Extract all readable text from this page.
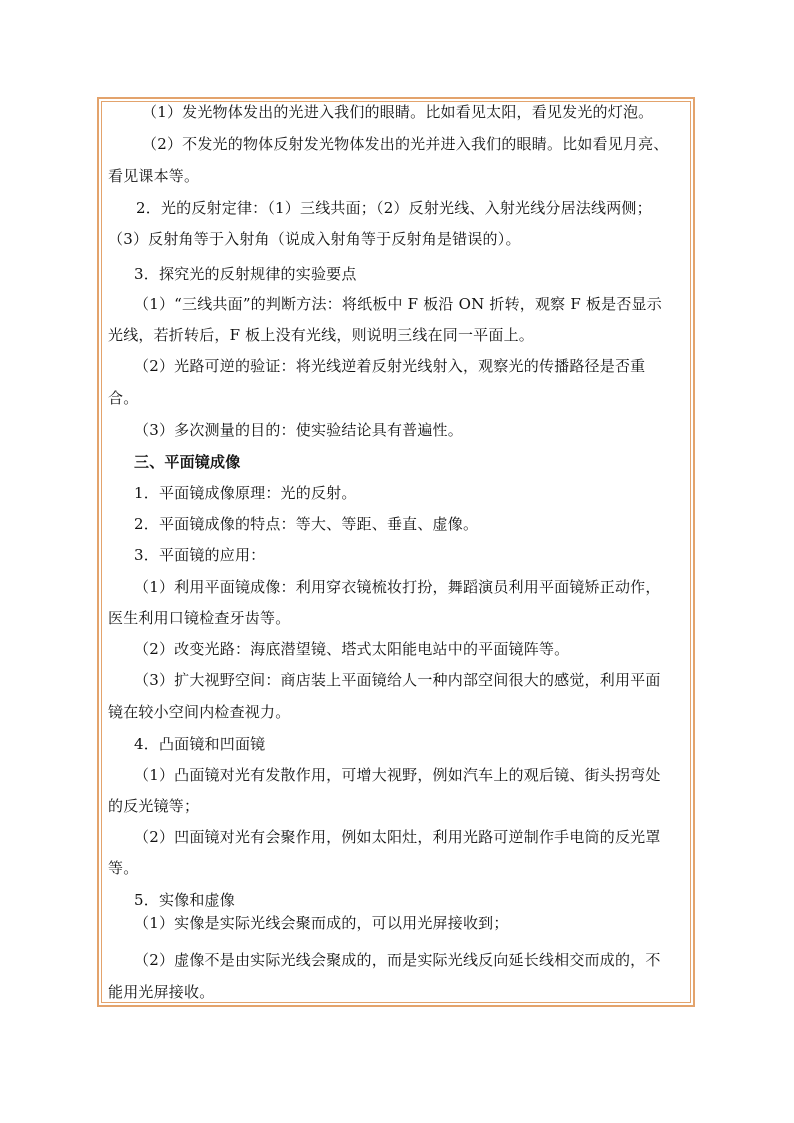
（1）发光物体发出的光进入我们的眼睛。比如看见太阳，看见发光的灯泡。
（2）不发光的物体反射发光物体发出的光并进入我们的眼睛。比如看见月亮、
看见课本等。
2．光的反射定律：（1）三线共面；（2）反射光线、入射光线分居法线两侧；
（3）反射角等于入射角（说成入射角等于反射角是错误的）。
3．探究光的反射规律的实验要点
（1）“三线共面”的判断方法：将纸板中 F 板沿 ON 折转，观察 F 板是否显示
光线，若折转后，F 板上没有光线，则说明三线在同一平面上。
（2）光路可逆的验证：将光线逆着反射光线射入，观察光的传播路径是否重
合。
（3）多次测量的目的：使实验结论具有普遍性。
三、平面镜成像
1．平面镜成像原理：光的反射。
2．平面镜成像的特点：等大、等距、垂直、虚像。
3．平面镜的应用：
（1）利用平面镜成像：利用穿衣镜梳妆打扮，舞蹈演员利用平面镜矫正动作，
医生利用口镜检查牙齿等。
（2）改变光路：海底潜望镜、塔式太阳能电站中的平面镜阵等。
（3）扩大视野空间：商店装上平面镜给人一种内部空间很大的感觉，利用平面
镜在较小空间内检查视力。
4．凸面镜和凹面镜
（1）凸面镜对光有发散作用，可增大视野，例如汽车上的观后镜、街头拐弯处
的反光镜等；
（2）凹面镜对光有会聚作用，例如太阳灶，利用光路可逆制作手电筒的反光罩
等。
5．实像和虚像
（1）实像是实际光线会聚而成的，可以用光屏接收到；
（2）虚像不是由实际光线会聚成的，而是实际光线反向延长线相交而成的，不
能用光屏接收。
